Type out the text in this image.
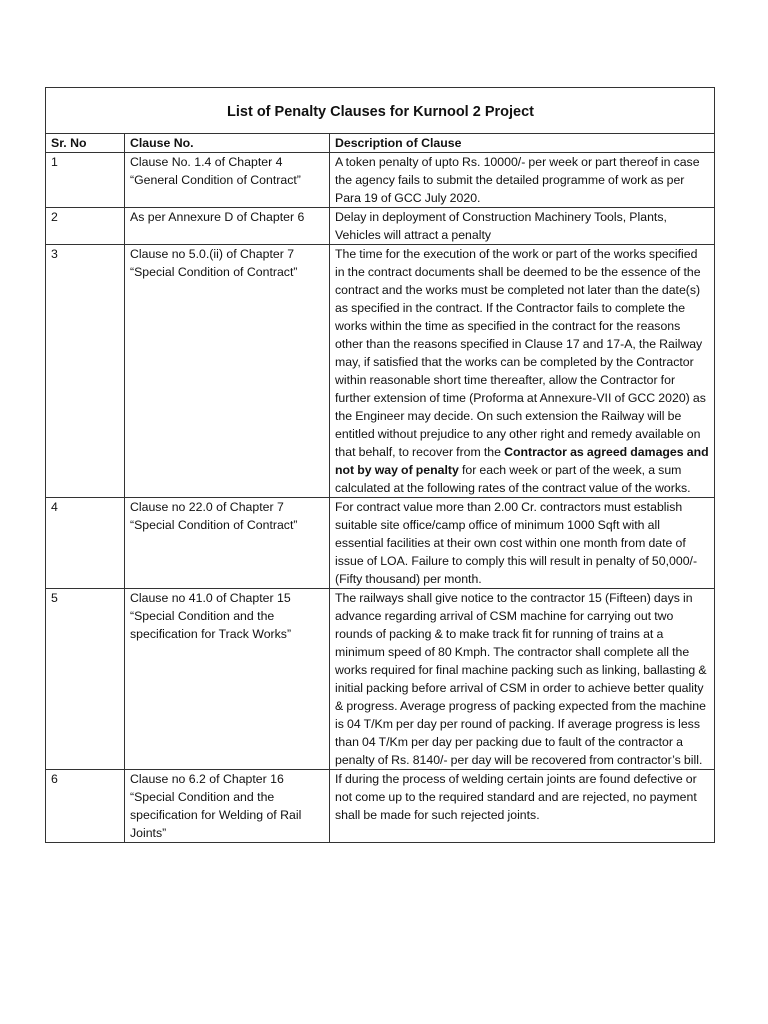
List of Penalty Clauses for Kurnool 2 Project		
Sr. No	Clause No.	Description of Clause
1	Clause No. 1.4 of Chapter 4 “General Condition of Contract”	A token penalty of upto Rs. 10000/- per week or part thereof in case the agency fails to submit the detailed programme of work as per Para 19 of GCC July 2020.
2	As per Annexure D of Chapter 6	Delay in deployment of Construction Machinery Tools, Plants, Vehicles will attract a penalty
3	Clause no 5.0.(ii) of Chapter 7 “Special Condition of Contract”	The time for the execution of the work or part of the works specified in the contract documents shall be deemed to be the essence of the contract and the works must be completed not later than the date(s) as specified in the contract. If the Contractor fails to complete the works within the time as specified in the contract for the reasons other than the reasons specified in Clause 17 and 17-A, the Railway may, if satisfied that the works can be completed by the Contractor within reasonable short time thereafter, allow the Contractor for further extension of time (Proforma at Annexure-VII of GCC 2020) as the Engineer may decide. On such extension the Railway will be entitled without prejudice to any other right and remedy available on that behalf, to recover from the Contractor as agreed damages and not by way of penalty for each week or part of the week, a sum calculated at the following rates of the contract value of the works.
4	Clause no 22.0 of Chapter 7 “Special Condition of Contract”	For contract value more than 2.00 Cr. contractors must establish suitable site office/camp office of minimum 1000 Sqft with all essential facilities at their own cost within one month from date of issue of LOA. Failure to comply this will result in penalty of 50,000/- (Fifty thousand) per month.
5	Clause no 41.0 of Chapter 15 “Special Condition and the specification for Track Works”	The railways shall give notice to the contractor 15 (Fifteen) days in advance regarding arrival of CSM machine for carrying out two rounds of packing & to make track fit for running of trains at a minimum speed of 80 Kmph. The contractor shall complete all the works required for final machine packing such as linking, ballasting & initial packing before arrival of CSM in order to achieve better quality & progress. Average progress of packing expected from the machine is 04 T/Km per day per round of packing. If average progress is less than 04 T/Km per day per packing due to fault of the contractor a penalty of Rs. 8140/- per day will be recovered from contractor’s bill.
6	Clause no 6.2 of Chapter 16 “Special Condition and the specification for Welding of Rail Joints”	If during the process of welding certain joints are found defective or not come up to the required standard and are rejected, no payment shall be made for such rejected joints.
